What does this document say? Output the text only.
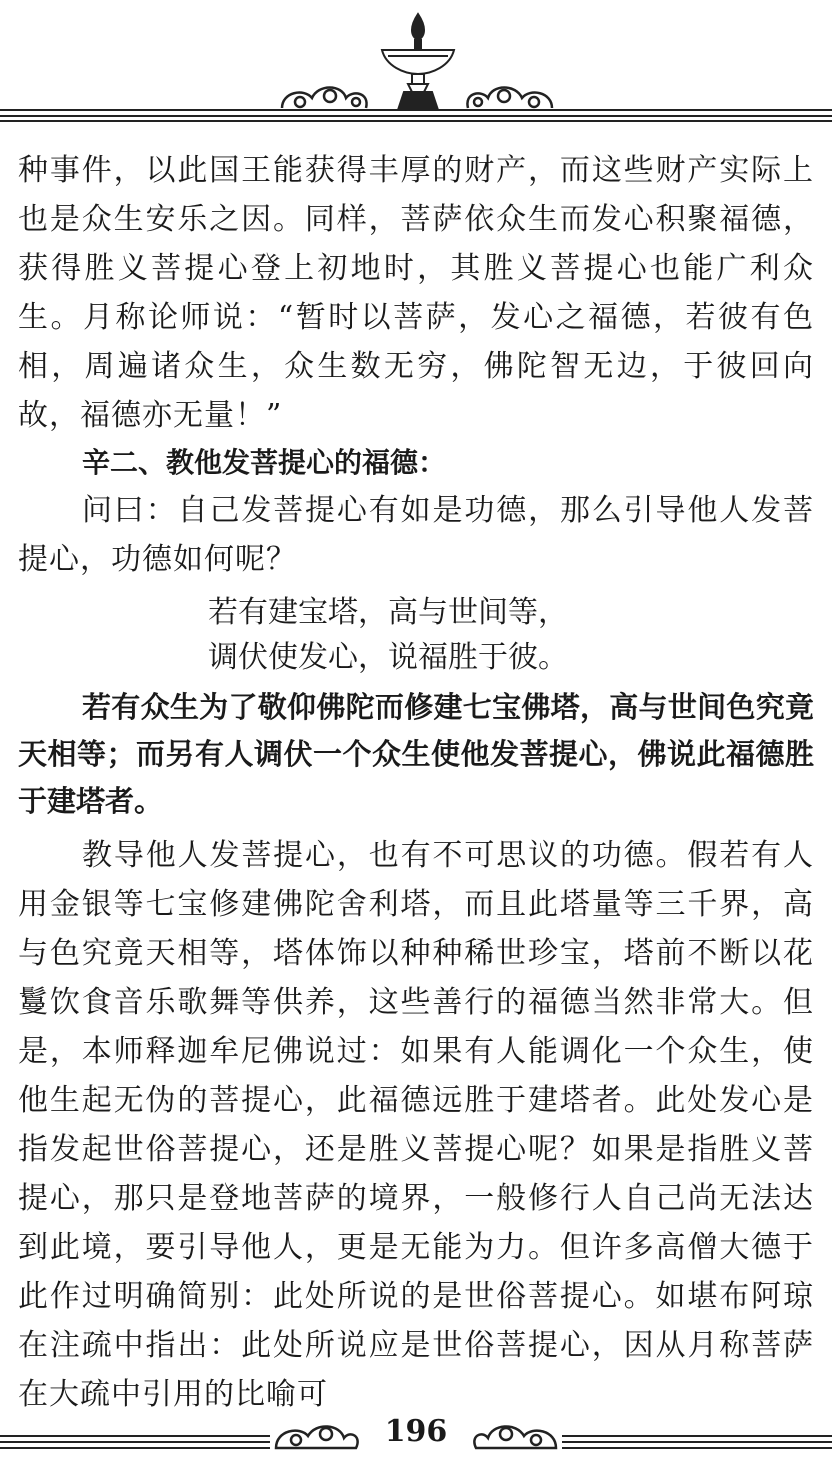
种事件，以此国王能获得丰厚的财产，而这些财产实际上也是众生安乐之因。同样，菩萨依众生而发心积聚福德，获得胜义菩提心登上初地时，其胜义菩提心也能广利众生。月称论师说：“暂时以菩萨，发心之福德，若彼有色相，周遍诸众生，众生数无穷，佛陀智无边，于彼回向故，福德亦无量！”

辛二、教他发菩提心的福德：

问曰：自己发菩提心有如是功德，那么引导他人发菩提心，功德如何呢？

若有建宝塔，高与世间等，
调伏使发心，说福胜于彼。

若有众生为了敬仰佛陀而修建七宝佛塔，高与世间色究竟天相等；而另有人调伏一个众生使他发菩提心，佛说此福德胜于建塔者。

教导他人发菩提心，也有不可思议的功德。假若有人用金银等七宝修建佛陀舍利塔，而且此塔量等三千界，高与色究竟天相等，塔体饰以种种稀世珍宝，塔前不断以花鬘饮食音乐歌舞等供养，这些善行的福德当然非常大。但是，本师释迦牟尼佛说过：如果有人能调化一个众生，使他生起无伪的菩提心，此福德远胜于建塔者。此处发心是指发起世俗菩提心，还是胜义菩提心呢？如果是指胜义菩提心，那只是登地菩萨的境界，一般修行人自己尚无法达到此境，要引导他人，更是无能为力。但许多高僧大德于此作过明确简别：此处所说的是世俗菩提心。如堪布阿琼在注疏中指出：此处所说应是世俗菩提心，因从月称菩萨在大疏中引用的比喻可

196
